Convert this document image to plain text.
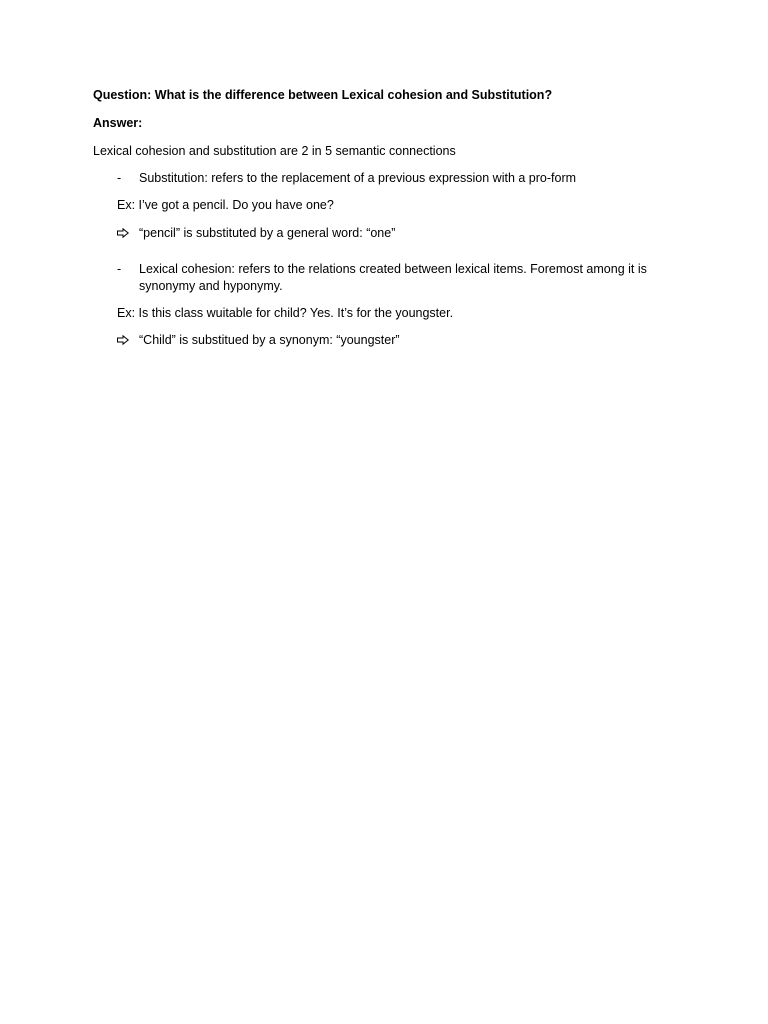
Question: What is the difference between Lexical cohesion and Substitution?
Answer:
Lexical cohesion and substitution are 2 in 5 semantic connections
-	Substitution: refers to the replacement of a previous expression with a pro-form
Ex: I’ve got a pencil. Do you have one?
“pencil” is substituted by a general word: “one”
-	Lexical cohesion: refers to the relations created between lexical items. Foremost among it is
synonymy and hyponymy.
Ex: Is this class wuitable for child? Yes. It’s for the youngster.
“Child” is substitued by a synonym: “youngster”
